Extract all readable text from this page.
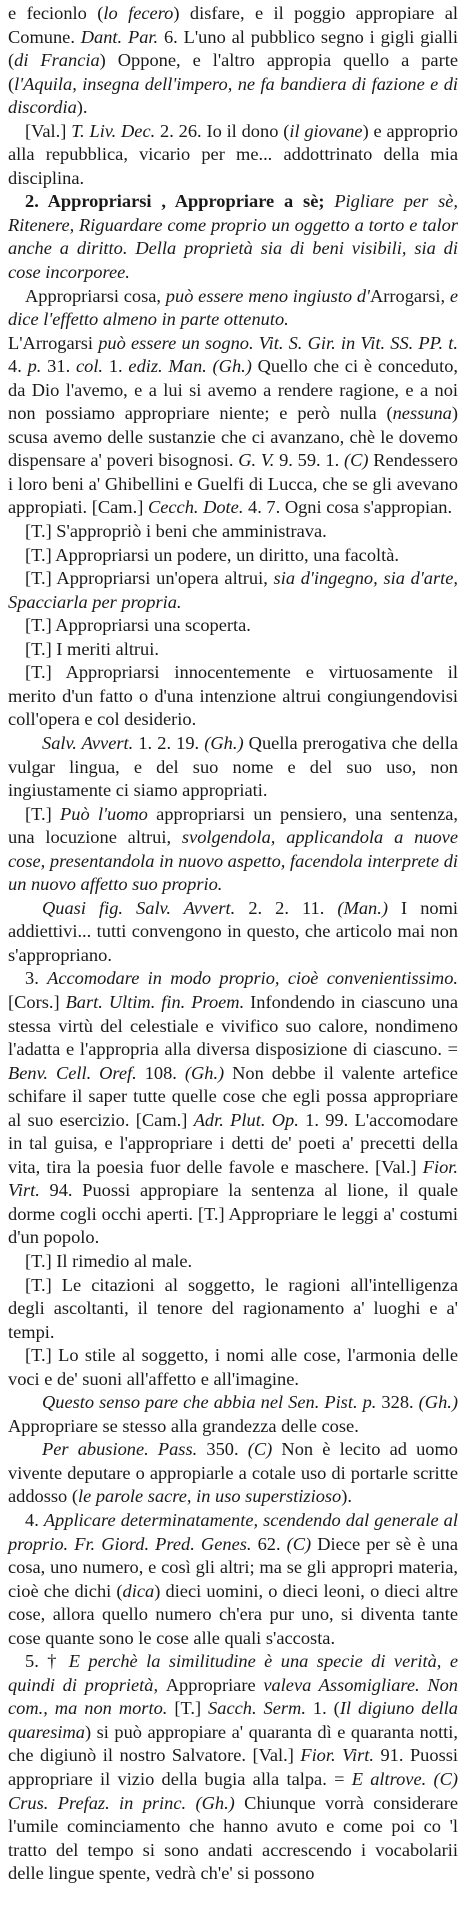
e fecionlo (lo fecero) disfare, e il poggio appropiare al Comune. Dant. Par. 6. L'uno al pubblico segno i gigli gialli (di Francia) Oppone, e l'altro appropia quello a parte (l'Aquila, insegna dell'impero, ne fa bandiera di fazione e di discordia).

[Val.] T. Liv. Dec. 2. 26. Io il dono (il giovane) e approprio alla repubblica, vicario per me... addottrinato della mia disciplina.

2. Appropriarsi , Appropriare a sè; Pigliare per sè, Ritenere, Riguardare come proprio un oggetto a torto e talor anche a diritto. Della proprietà sia di beni visibili, sia di cose incorporee.

Appropriarsi cosa, può essere meno ingiusto d'Arrogarsi, e dice l'effetto almeno in parte ottenuto.

L'Arrogarsi può essere un sogno. Vit. S. Gir. in Vit. SS. PP. t. 4. p. 31. col. 1. ediz. Man. (Gh.) Quello che ci è conceduto, da Dio l'avemo, e a lui si avemo a rendere ragione, e a noi non possiamo appropriare niente; e però nulla (nessuna) scusa avemo delle sustanzie che ci avanzano, chè le dovemo dispensare a' poveri bisognosi. G. V. 9. 59. 1. (C) Rendessero i loro beni a' Ghibellini e Guelfi di Lucca, che se gli avevano appropiati. [Cam.] Cecch. Dote. 4. 7. Ogni cosa s'appropian.

[T.] S'appropriò i beni che amministrava.

[T.] Appropriarsi un podere, un diritto, una facoltà.

[T.] Appropriarsi un'opera altrui, sia d'ingegno, sia d'arte, Spacciarla per propria.

[T.] Appropriarsi una scoperta.

[T.] I meriti altrui.

[T.] Appropriarsi innocentemente e virtuosamente il merito d'un fatto o d'una intenzione altrui congiungendovisi coll'opera e col desiderio.

Salv. Avvert. 1. 2. 19. (Gh.) Quella prerogativa che della vulgar lingua, e del suo nome e del suo uso, non ingiustamente ci siamo appropriati.

[T.] Può l'uomo appropriarsi un pensiero, una sentenza, una locuzione altrui, svolgendola, applicandola a nuove cose, presentandola in nuovo aspetto, facendola interprete di un nuovo affetto suo proprio.

Quasi fig. Salv. Avvert. 2. 2. 11. (Man.) I nomi addiettivi... tutti convengono in questo, che articolo mai non s'appropriano.

3. Accomodare in modo proprio, cioè convenientissimo. [Cors.] Bart. Ultim. fin. Proem. Infondendo in ciascuno una stessa virtù del celestiale e vivifico suo calore, nondimeno l'adatta e l'appropria alla diversa disposizione di ciascuno. = Benv. Cell. Oref. 108. (Gh.) Non debbe il valente artefice schifare il saper tutte quelle cose che egli possa appropriare al suo esercizio. [Cam.] Adr. Plut. Op. 1. 99. L'accomodare in tal guisa, e l'appropriare i detti de' poeti a' precetti della vita, tira la poesia fuor delle favole e maschere. [Val.] Fior. Virt. 94. Puossi appropiare la sentenza al lione, il quale dorme cogli occhi aperti. [T.] Appropriare le leggi a' costumi d'un popolo.

[T.] Il rimedio al male.

[T.] Le citazioni al soggetto, le ragioni all'intelligenza degli ascoltanti, il tenore del ragionamento a' luoghi e a' tempi.

[T.] Lo stile al soggetto, i nomi alle cose, l'armonia delle voci e de' suoni all'affetto e all'imagine.

Questo senso pare che abbia nel Sen. Pist. p. 328. (Gh.) Appropriare se stesso alla grandezza delle cose.

Per abusione. Pass. 350. (C) Non è lecito ad uomo vivente deputare o appropiarle a cotale uso di portarle scritte addosso (le parole sacre, in uso superstizioso).

4. Applicare determinatamente, scendendo dal generale al proprio. Fr. Giord. Pred. Genes. 62. (C) Diece per sè è una cosa, uno numero, e così gli altri; ma se gli appropri materia, cioè che dichi (dica) dieci uomini, o dieci leoni, o dieci altre cose, allora quello numero ch'era pur uno, si diventa tante cose quante sono le cose alle quali s'accosta.

5. † E perchè la similitudine è una specie di verità, e quindi di proprietà, Appropriare valeva Assomigliare. Non com., ma non morto. [T.] Sacch. Serm. 1. (Il digiuno della quaresima) si può appropiare a' quaranta dì e quaranta notti, che digiunò il nostro Salvatore. [Val.] Fior. Virt. 91. Puossi appropriare il vizio della bugia alla talpa. = E altrove. (C) Crus. Prefaz. in princ. (Gh.) Chiunque vorrà considerare l'umile cominciamento che hanno avuto e come poi co 'l tratto del tempo si sono andati accrescendo i vocabolarii delle lingue spente, vedrà ch'e' si possono
